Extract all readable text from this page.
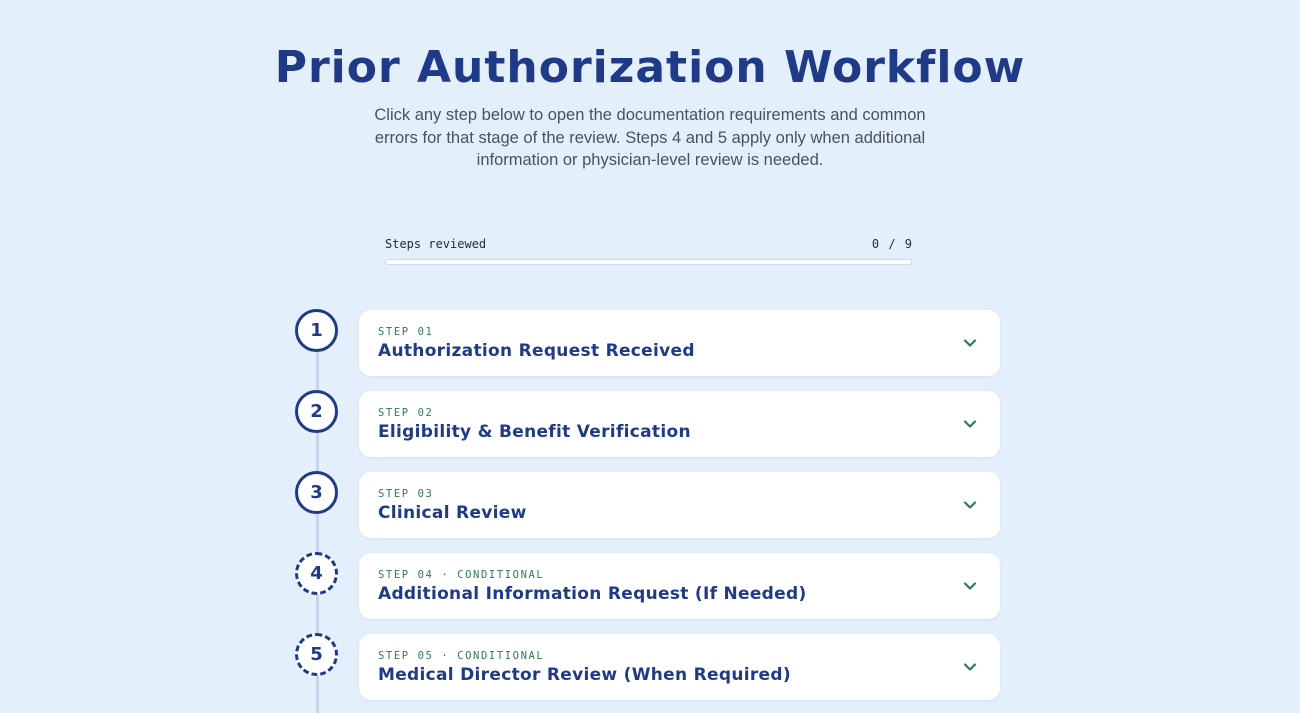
Prior Authorization Workflow

Click any step below to open the documentation requirements and common errors for that stage of the review. Steps 4 and 5 apply only when additional information or physician-level review is needed.

Steps reviewed	0 / 9
1	STEP 01
Authorization Request Received
2	STEP 02
Eligibility & Benefit Verification
3	STEP 03
Clinical Review
4	STEP 04 · CONDITIONAL
Additional Information Request (If Needed)
5	STEP 05 · CONDITIONAL
Medical Director Review (When Required)
